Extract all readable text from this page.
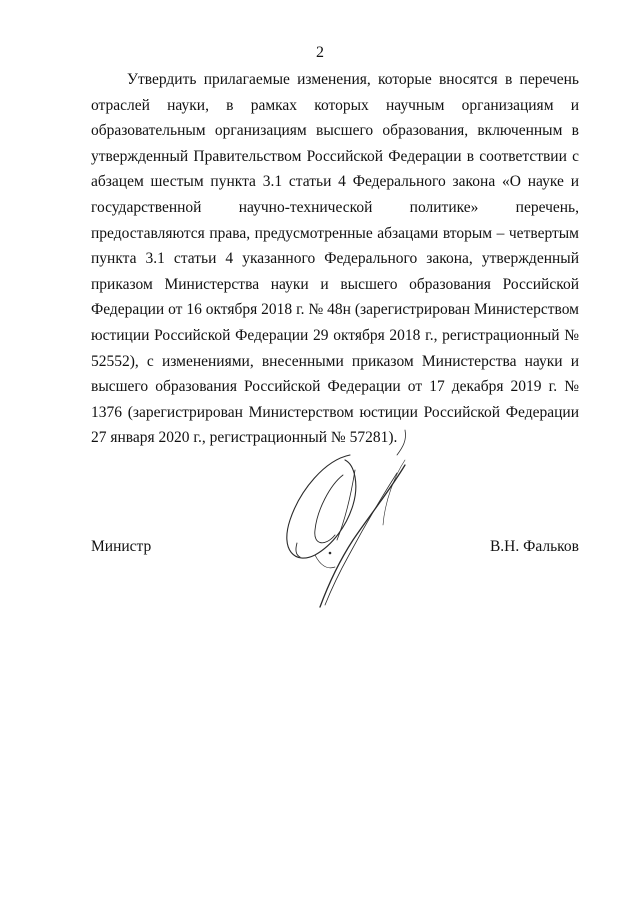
2

Утвердить прилагаемые изменения, которые вносятся в перечень отраслей науки, в рамках которых научным организациям и образовательным организациям высшего образования, включенным в утвержденный Правительством Российской Федерации в соответствии с абзацем шестым пункта 3.1 статьи 4 Федерального закона «О науке и государственной научно-технической политике» перечень, предоставляются права, предусмотренные абзацами вторым – четвертым пункта 3.1 статьи 4 указанного Федерального закона, утвержденный приказом Министерства науки и высшего образования Российской Федерации от 16 октября 2018 г. № 48н (зарегистрирован Министерством юстиции Российской Федерации 29 октября 2018 г., регистрационный № 52552), с изменениями, внесенными приказом Министерства науки и высшего образования Российской Федерации от 17 декабря 2019 г. № 1376 (зарегистрирован Министерством юстиции Российской Федерации 27 января 2020 г., регистрационный № 57281).

Министр	В.Н. Фальков
